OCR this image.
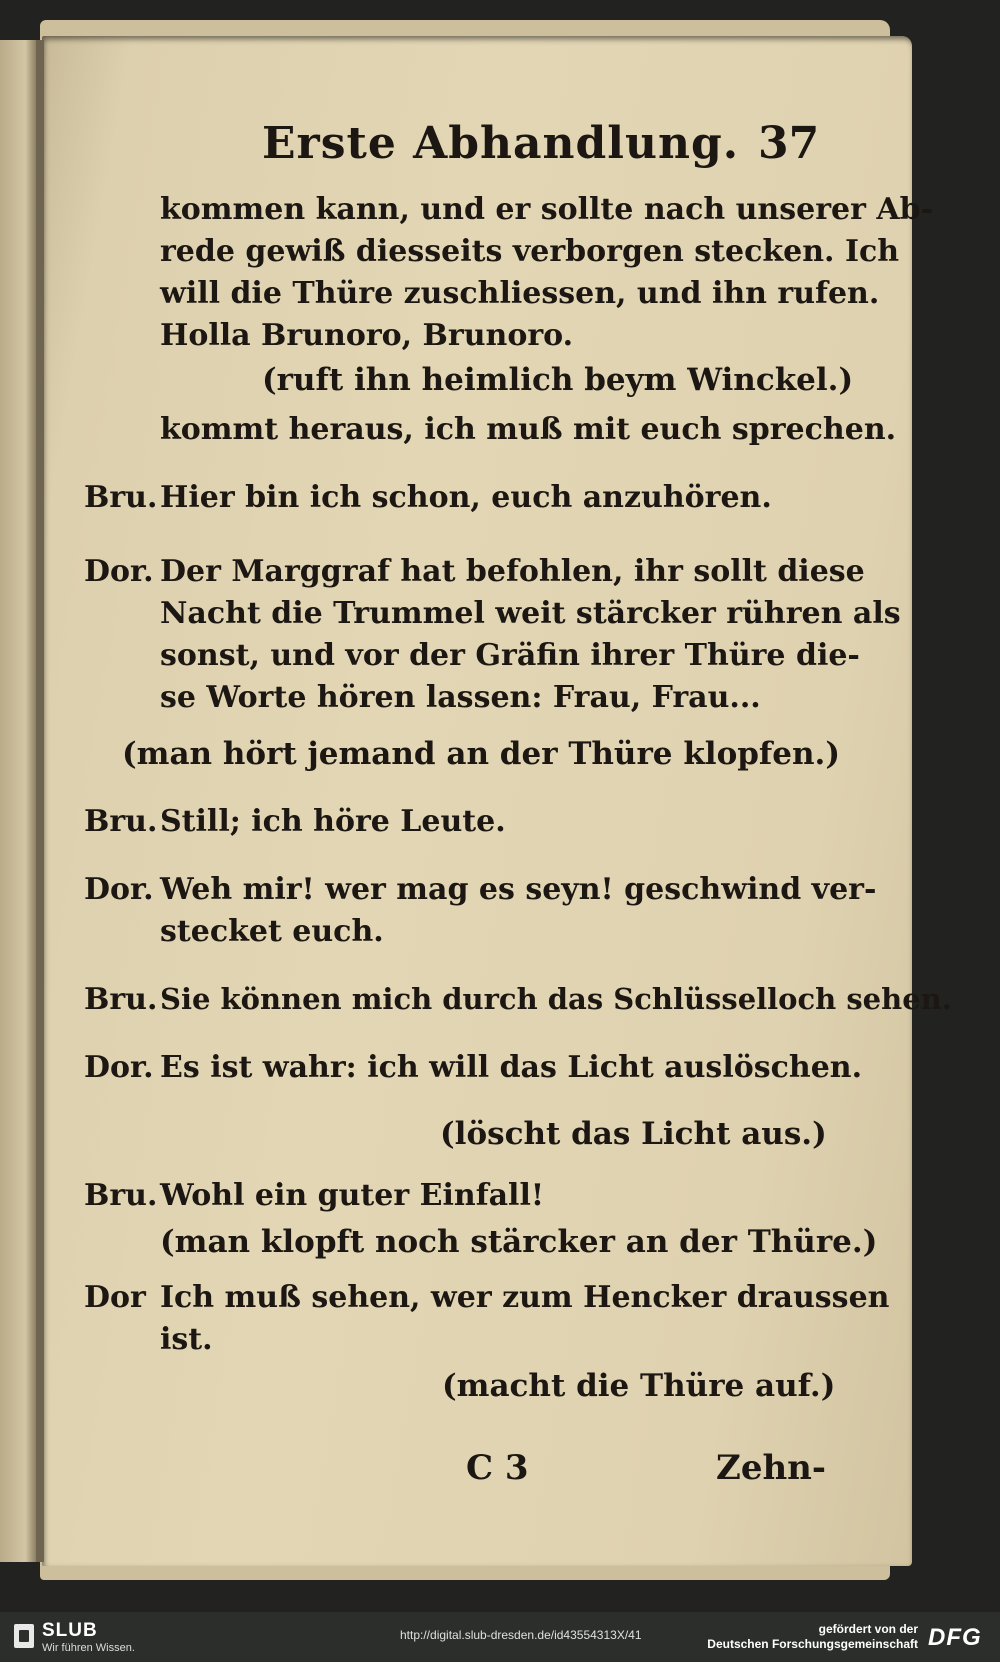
Erste Abhandlung. 37
kommen kann, und er sollte nach unserer Ab-
rede gewiß diesseits verborgen stecken. Ich
will die Thüre zuschliessen, und ihn rufen.
Holla Brunoro, Brunoro.
(ruft ihn heimlich beym Winckel.)
kommt heraus, ich muß mit euch sprechen.
Bru. Hier bin ich schon, euch anzuhören.
Dor. Der Marggraf hat befohlen, ihr sollt diese
Nacht die Trummel weit stärcker rühren als
sonst, und vor der Gräfin ihrer Thüre die-
se Worte hören lassen: Frau, Frau...
(man hört jemand an der Thüre klopfen.)
Bru. Still; ich höre Leute.
Dor. Weh mir! wer mag es seyn! geschwind ver-
stecket euch.
Bru. Sie können mich durch das Schlüsselloch sehen.
Dor. Es ist wahr: ich will das Licht auslöschen.
(löscht das Licht aus.)
Bru. Wohl ein guter Einfall!
(man klopft noch stärcker an der Thüre.)
Dor Ich muß sehen, wer zum Hencker draussen
ist.
(macht die Thüre auf.)
C 3	Zehn-
SLUB
Wir führen Wissen.
http://digital.slub-dresden.de/id43554313X/41	gefördert von der
Deutschen Forschungsgemeinschaft DFG
